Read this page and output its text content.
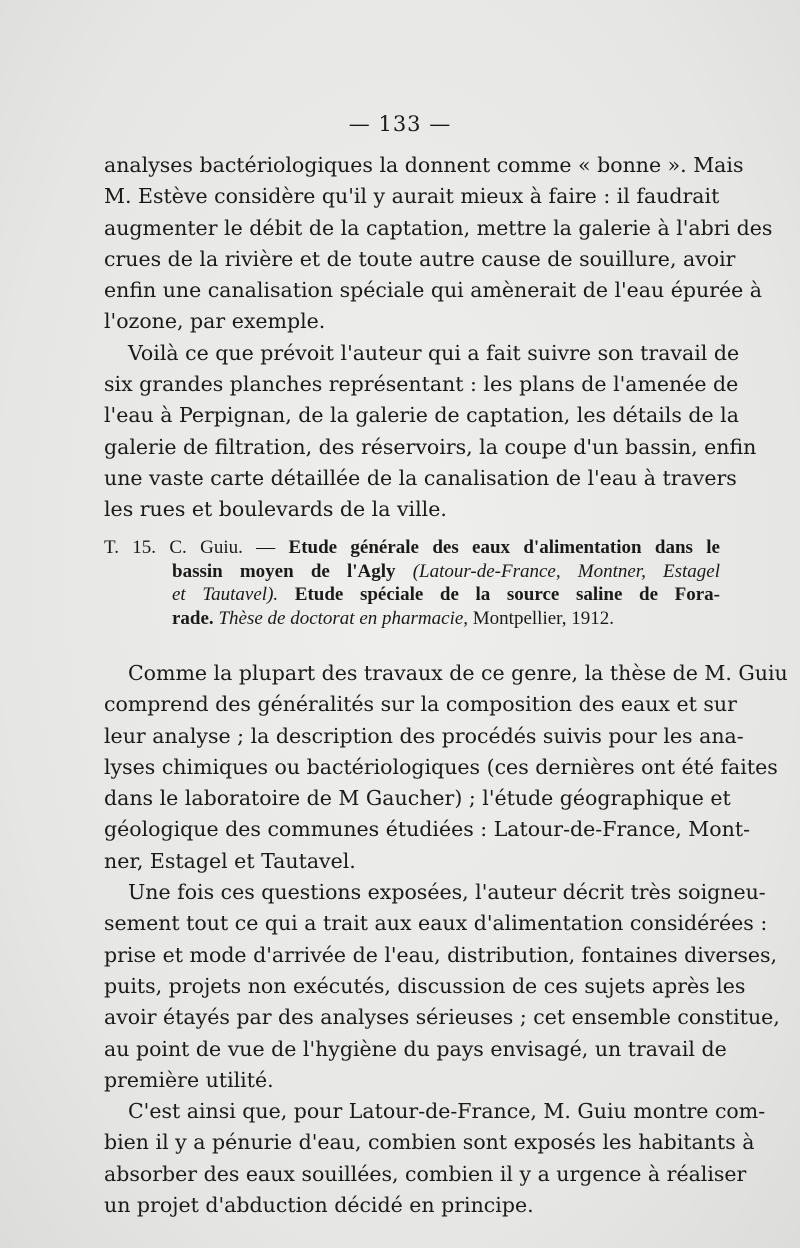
— 133 —
analyses bactériologiques la donnent comme « bonne ». Mais
M. Estève considère qu'il y aurait mieux à faire : il faudrait
augmenter le débit de la captation, mettre la galerie à l'abri des
crues de la rivière et de toute autre cause de souillure, avoir
enfin une canalisation spéciale qui amènerait de l'eau épurée à
l'ozone, par exemple.
Voilà ce que prévoit l'auteur qui a fait suivre son travail de
six grandes planches représentant : les plans de l'amenée de
l'eau à Perpignan, de la galerie de captation, les détails de la
galerie de filtration, des réservoirs, la coupe d'un bassin, enfin
une vaste carte détaillée de la canalisation de l'eau à travers
les rues et boulevards de la ville.
T. 15. C. Guiu. — Etude générale des eaux d'alimentation dans le
bassin moyen de l'Agly (Latour-de-France, Montner, Estagel
et Tautavel). Etude spéciale de la source saline de Fora-
rade. Thèse de doctorat en pharmacie, Montpellier, 1912.
Comme la plupart des travaux de ce genre, la thèse de M. Guiu
comprend des généralités sur la composition des eaux et sur
leur analyse ; la description des procédés suivis pour les ana-
lyses chimiques ou bactériologiques (ces dernières ont été faites
dans le laboratoire de M Gaucher) ; l'étude géographique et
géologique des communes étudiées : Latour-de-France, Mont-
ner, Estagel et Tautavel.
Une fois ces questions exposées, l'auteur décrit très soigneu-
sement tout ce qui a trait aux eaux d'alimentation considérées :
prise et mode d'arrivée de l'eau, distribution, fontaines diverses,
puits, projets non exécutés, discussion de ces sujets après les
avoir étayés par des analyses sérieuses ; cet ensemble constitue,
au point de vue de l'hygiène du pays envisagé, un travail de
première utilité.
C'est ainsi que, pour Latour-de-France, M. Guiu montre com-
bien il y a pénurie d'eau, combien sont exposés les habitants à
absorber des eaux souillées, combien il y a urgence à réaliser
un projet d'abduction décidé en principe.
